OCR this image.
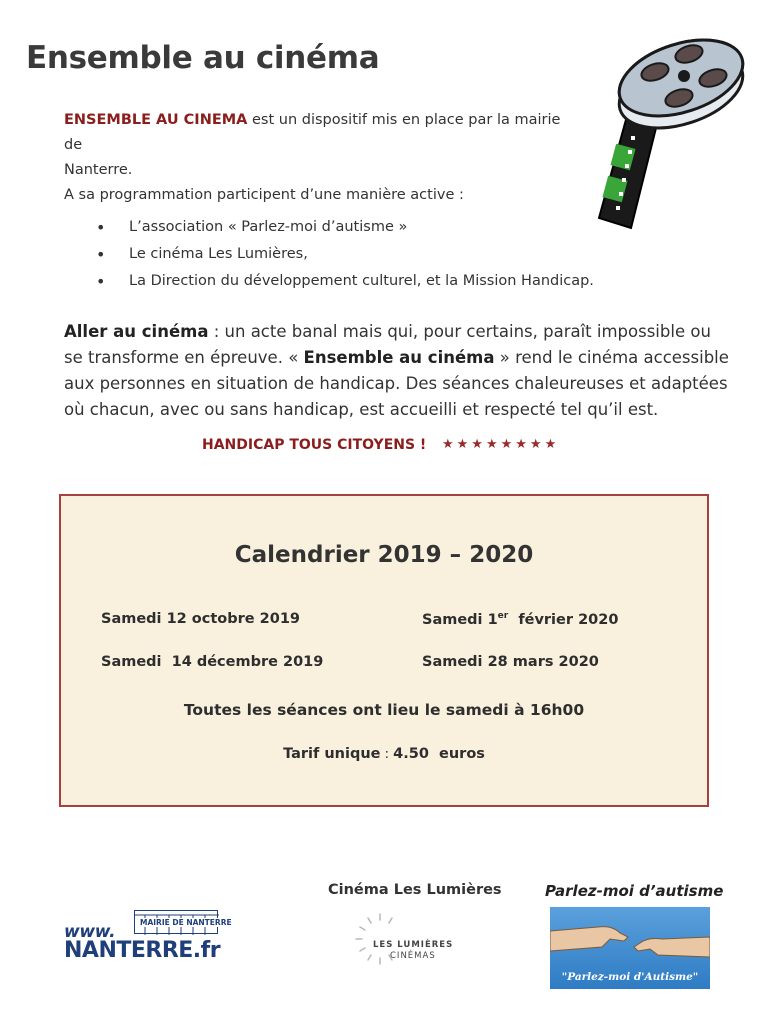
Ensemble au cinéma
ENSEMBLE AU CINEMA est un dispositif mis en place par la mairie de
Nanterre.
A sa programmation participent d’une manière active :
• L’association « Parlez-moi d’autisme »
• Le cinéma Les Lumières,
• La Direction du développement culturel, et la Mission Handicap.

Aller au cinéma : un acte banal mais qui, pour certains, paraît impossible ou se transforme en épreuve. « Ensemble au cinéma » rend le cinéma accessible aux personnes en situation de handicap. Des séances chaleureuses et adaptées où chacun, avec ou sans handicap, est accueilli et respecté tel qu’il est.

HANDICAP TOUS CITOYENS ! ★★★★★★★★
Calendrier 2019 – 2020
Samedi 12 octobre 2019	Samedi 1er  février 2020
Samedi  14 décembre 2019	Samedi 28 mars 2020
Toutes les séances ont lieu le samedi à 16h00
Tarif unique : 4.50  euros
Cinéma Les Lumières	Parlez-moi d’autisme
www.	MAIRIE DE NANTERRE
NANTERRE.fr	LES LUMIÈRES
CINÉMAS
"Parlez-moi d'Autisme"
